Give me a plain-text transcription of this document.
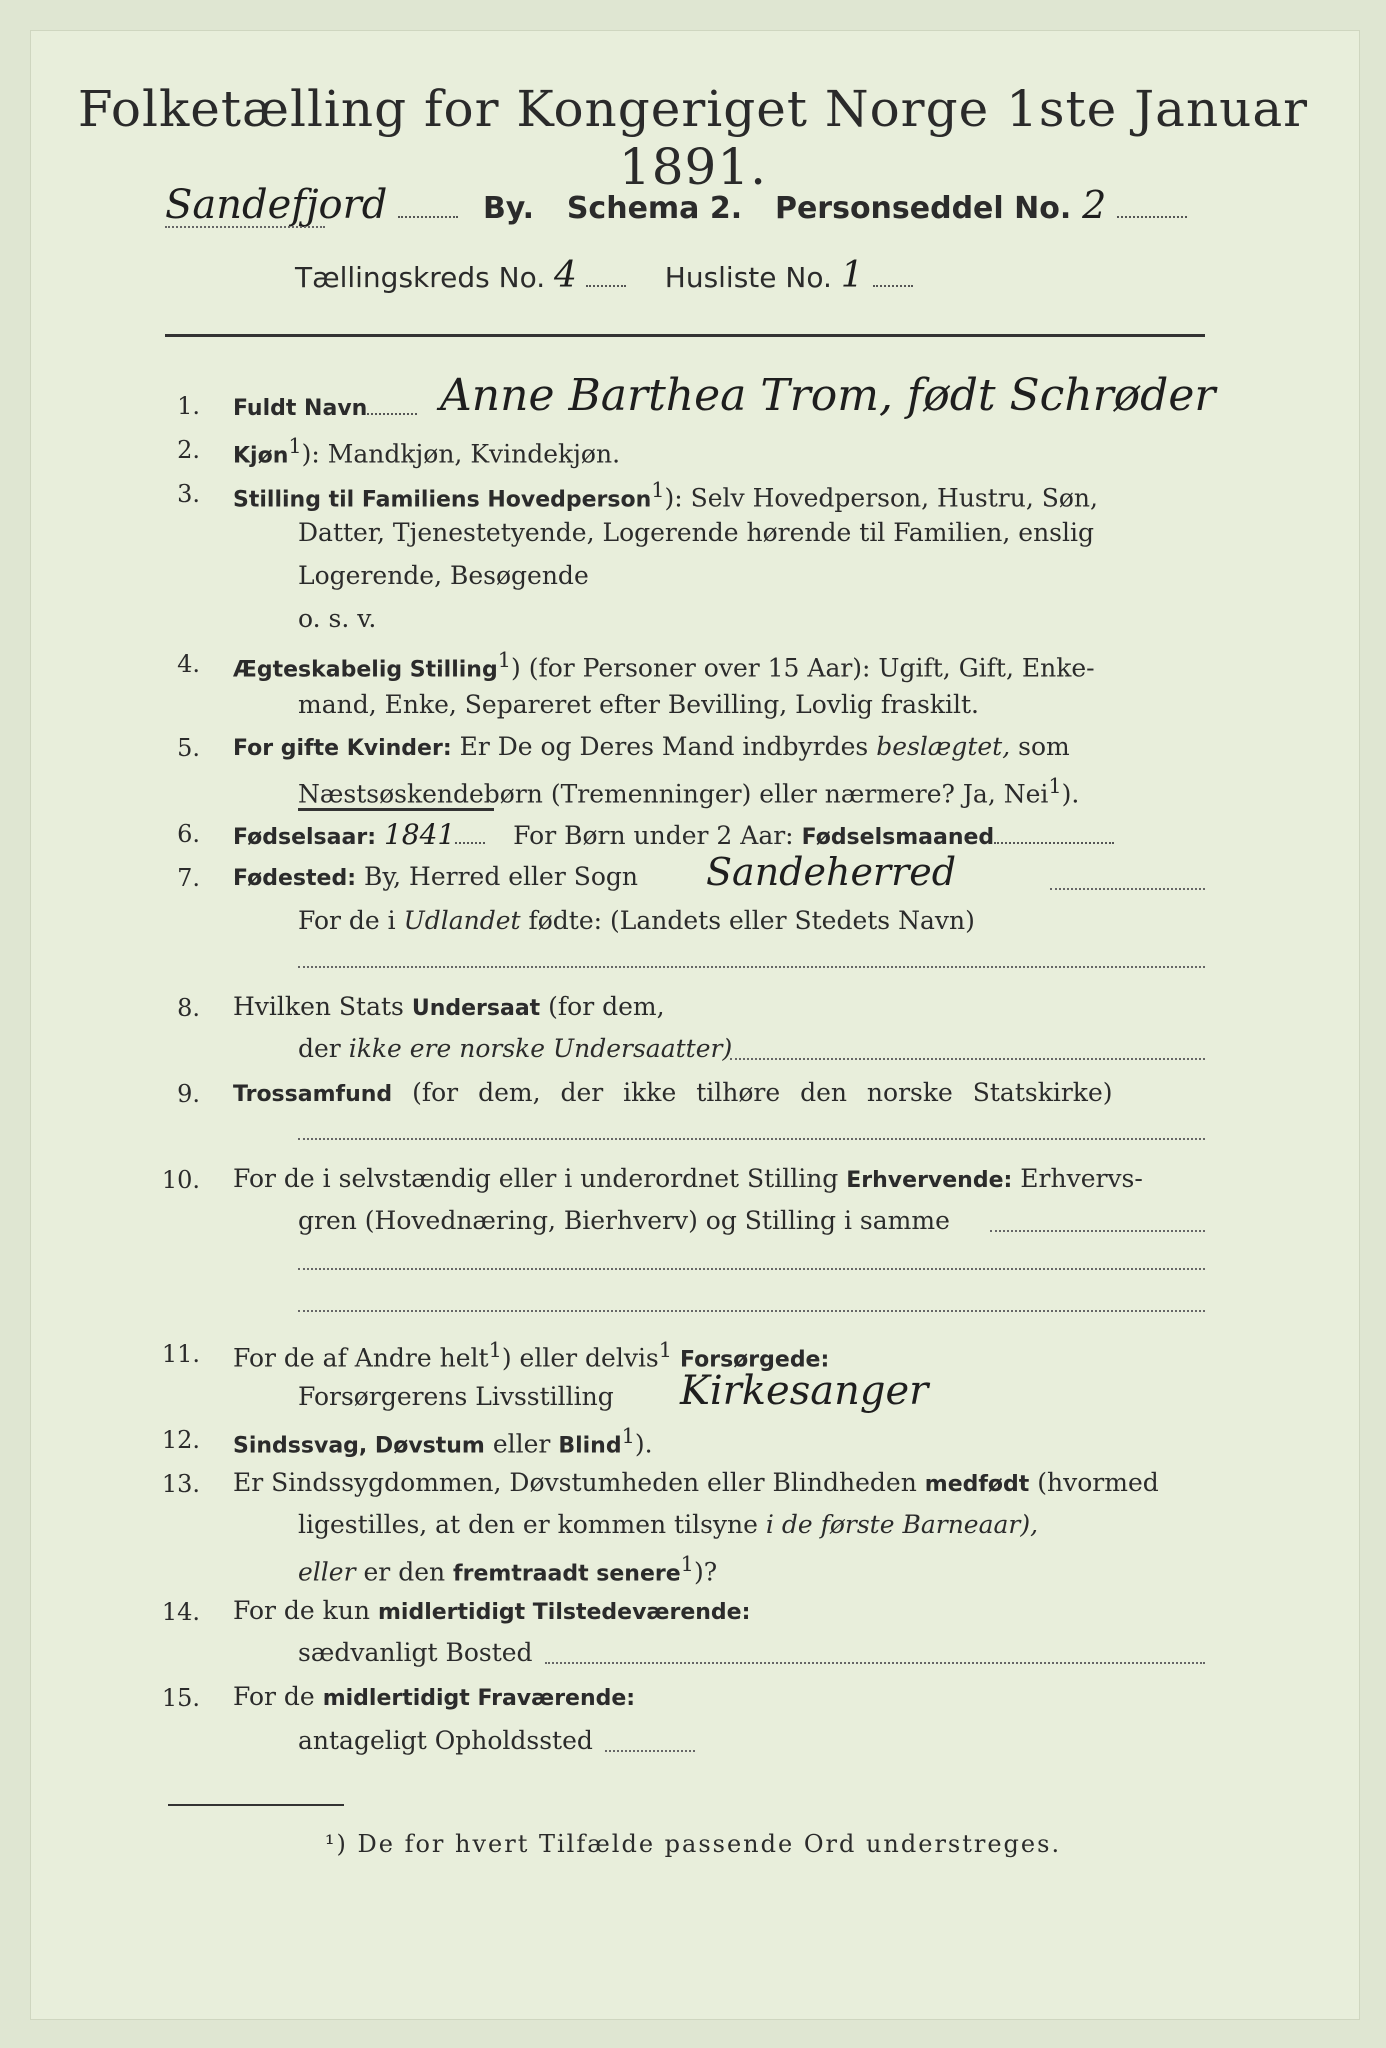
Folketælling for Kongeriget Norge 1ste Januar 1891.
Sandefjord	By. Schema 2. Personseddel No. 2
Tællingskreds No. 4	Husliste No. 1
1. Fuldt Navn	Anne Barthea Trom, født Schrøder
2. Kjøn$^1$): Mandkjøn, Kvindekjøn.
3. Stilling til Familiens Hovedperson$^1$): Selv Hovedperson, Hustru, Søn,
Datter, Tjenestetyende, Logerende hørende til Familien, enslig
Logerende, Besøgende
o. s. v.
4. Ægteskabelig Stilling$^1$) (for Personer over 15 Aar): Ugift, Gift, Enke-
mand, Enke, Separeret efter Bevilling, Lovlig fraskilt.
5. For gifte Kvinder: Er De og Deres Mand indbyrdes beslægtet, som
Næstsøskendebørn (Tremenninger) eller nærmere? Ja, Nei$^1$).
6. Fødselsaar: 1841 For Børn under 2 Aar: Fødselsmaaned
7. Fødested: By, Herred eller Sogn Sandeherred
For de i Udlandet fødte: (Landets eller Stedets Navn)
8. Hvilken Stats Undersaat (for dem,
der ikke ere norske Undersaatter)
9. Trossamfund (for dem, der ikke tilhøre den norske Statskirke)
10. For de i selvstændig eller i underordnet Stilling Erhvervende: Erhvervs-
gren (Hovednæring, Bierhverv) og Stilling i samme
11. For de af Andre helt$^1$) eller delvis$^1$ Forsørgede:
Forsørgerens Livsstilling Kirkesanger
12. Sindssvag, Døvstum eller Blind$^1$).
13. Er Sindssygdommen, Døvstumheden eller Blindheden medfødt (hvormed
ligestilles, at den er kommen tilsyne i de første Barneaar),
eller er den fremtraadt senere$^1$)?
14. For de kun midlertidigt Tilstedeværende:
sædvanligt Bosted
15. For de midlertidigt Fraværende:
antageligt Opholdssted
¹) De for hvert Tilfælde passende Ord understreges.
